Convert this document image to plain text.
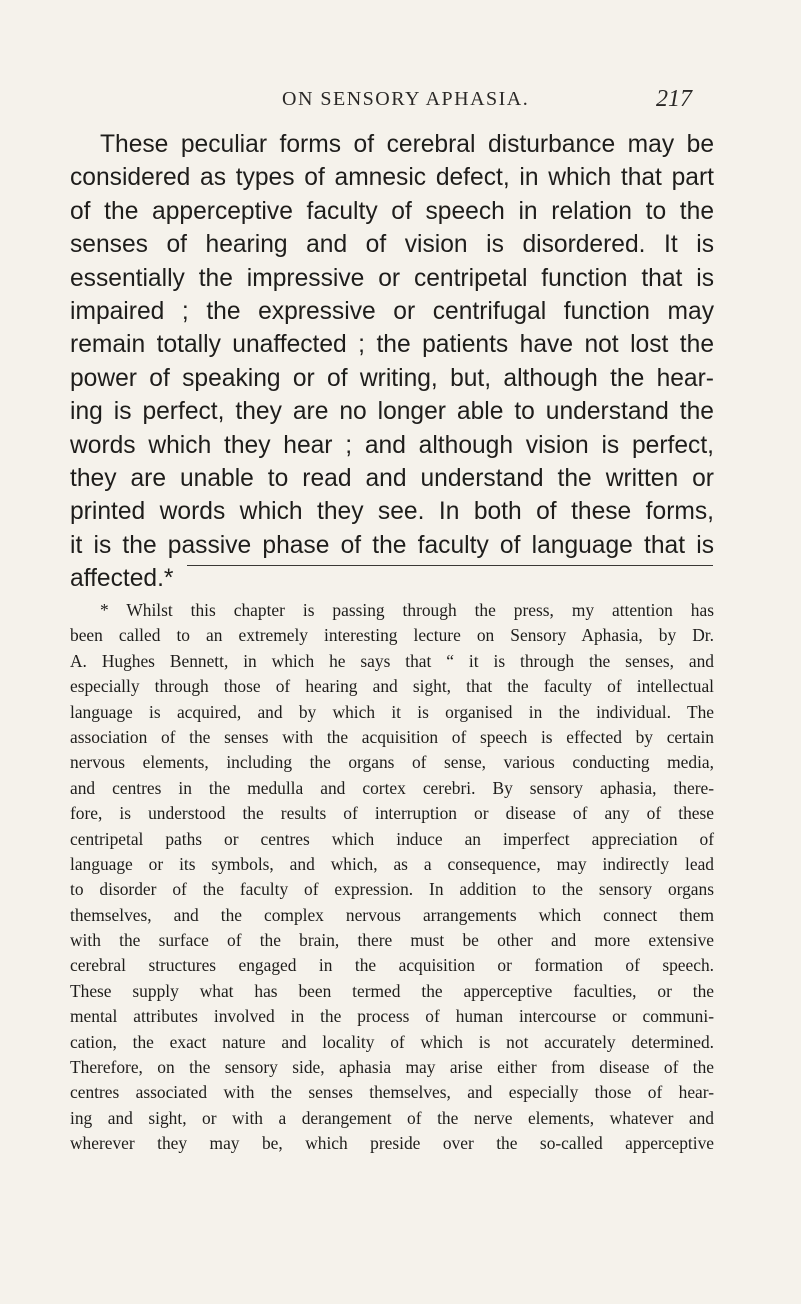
ON SENSORY APHASIA.	217
These peculiar forms of cerebral disturbance may be
considered as types of amnesic defect, in which that part
of the apperceptive faculty of speech in relation to the
senses of hearing and of vision is disordered. It is
essentially the impressive or centripetal function that is
impaired ; the expressive or centrifugal function may
remain totally unaffected ; the patients have not lost the
power of speaking or of writing, but, although the hear-
ing is perfect, they are no longer able to understand the
words which they hear ; and although vision is perfect,
they are unable to read and understand the written or
printed words which they see. In both of these forms,
it is the passive phase of the faculty of language that is
affected.*
* Whilst this chapter is passing through the press, my attention has
been called to an extremely interesting lecture on Sensory Aphasia, by Dr.
A. Hughes Bennett, in which he says that “ it is through the senses, and
especially through those of hearing and sight, that the faculty of intellectual
language is acquired, and by which it is organised in the individual. The
association of the senses with the acquisition of speech is effected by certain
nervous elements, including the organs of sense, various conducting media,
and centres in the medulla and cortex cerebri. By sensory aphasia, there-
fore, is understood the results of interruption or disease of any of these
centripetal paths or centres which induce an imperfect appreciation of
language or its symbols, and which, as a consequence, may indirectly lead
to disorder of the faculty of expression. In addition to the sensory organs
themselves, and the complex nervous arrangements which connect them
with the surface of the brain, there must be other and more extensive
cerebral structures engaged in the acquisition or formation of speech.
These supply what has been termed the apperceptive faculties, or the
mental attributes involved in the process of human intercourse or communi-
cation, the exact nature and locality of which is not accurately determined.
Therefore, on the sensory side, aphasia may arise either from disease of the
centres associated with the senses themselves, and especially those of hear-
ing and sight, or with a derangement of the nerve elements, whatever and
wherever they may be, which preside over the so-called apperceptive
